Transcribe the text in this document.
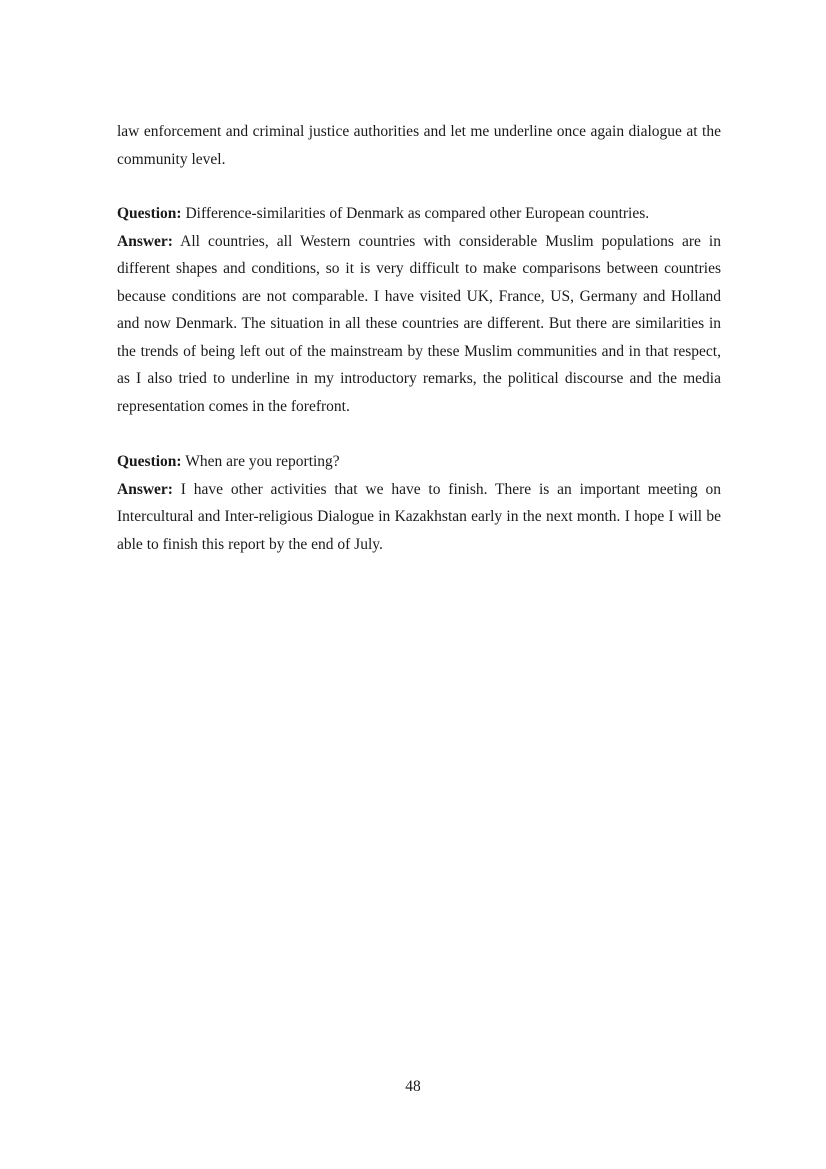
law enforcement and criminal justice authorities and let me underline once again dialogue at the community level.

Question: Difference-similarities of Denmark as compared other European countries.

Answer: All countries, all Western countries with considerable Muslim populations are in different shapes and conditions, so it is very difficult to make comparisons between countries because conditions are not comparable. I have visited UK, France, US, Germany and Holland and now Denmark. The situation in all these countries are different. But there are similarities in the trends of being left out of the mainstream by these Muslim communities and in that respect, as I also tried to underline in my introductory remarks, the political discourse and the media representation comes in the forefront.

Question: When are you reporting?

Answer: I have other activities that we have to finish. There is an important meeting on Intercultural and Inter-religious Dialogue in Kazakhstan early in the next month. I hope I will be able to finish this report by the end of July.

48
